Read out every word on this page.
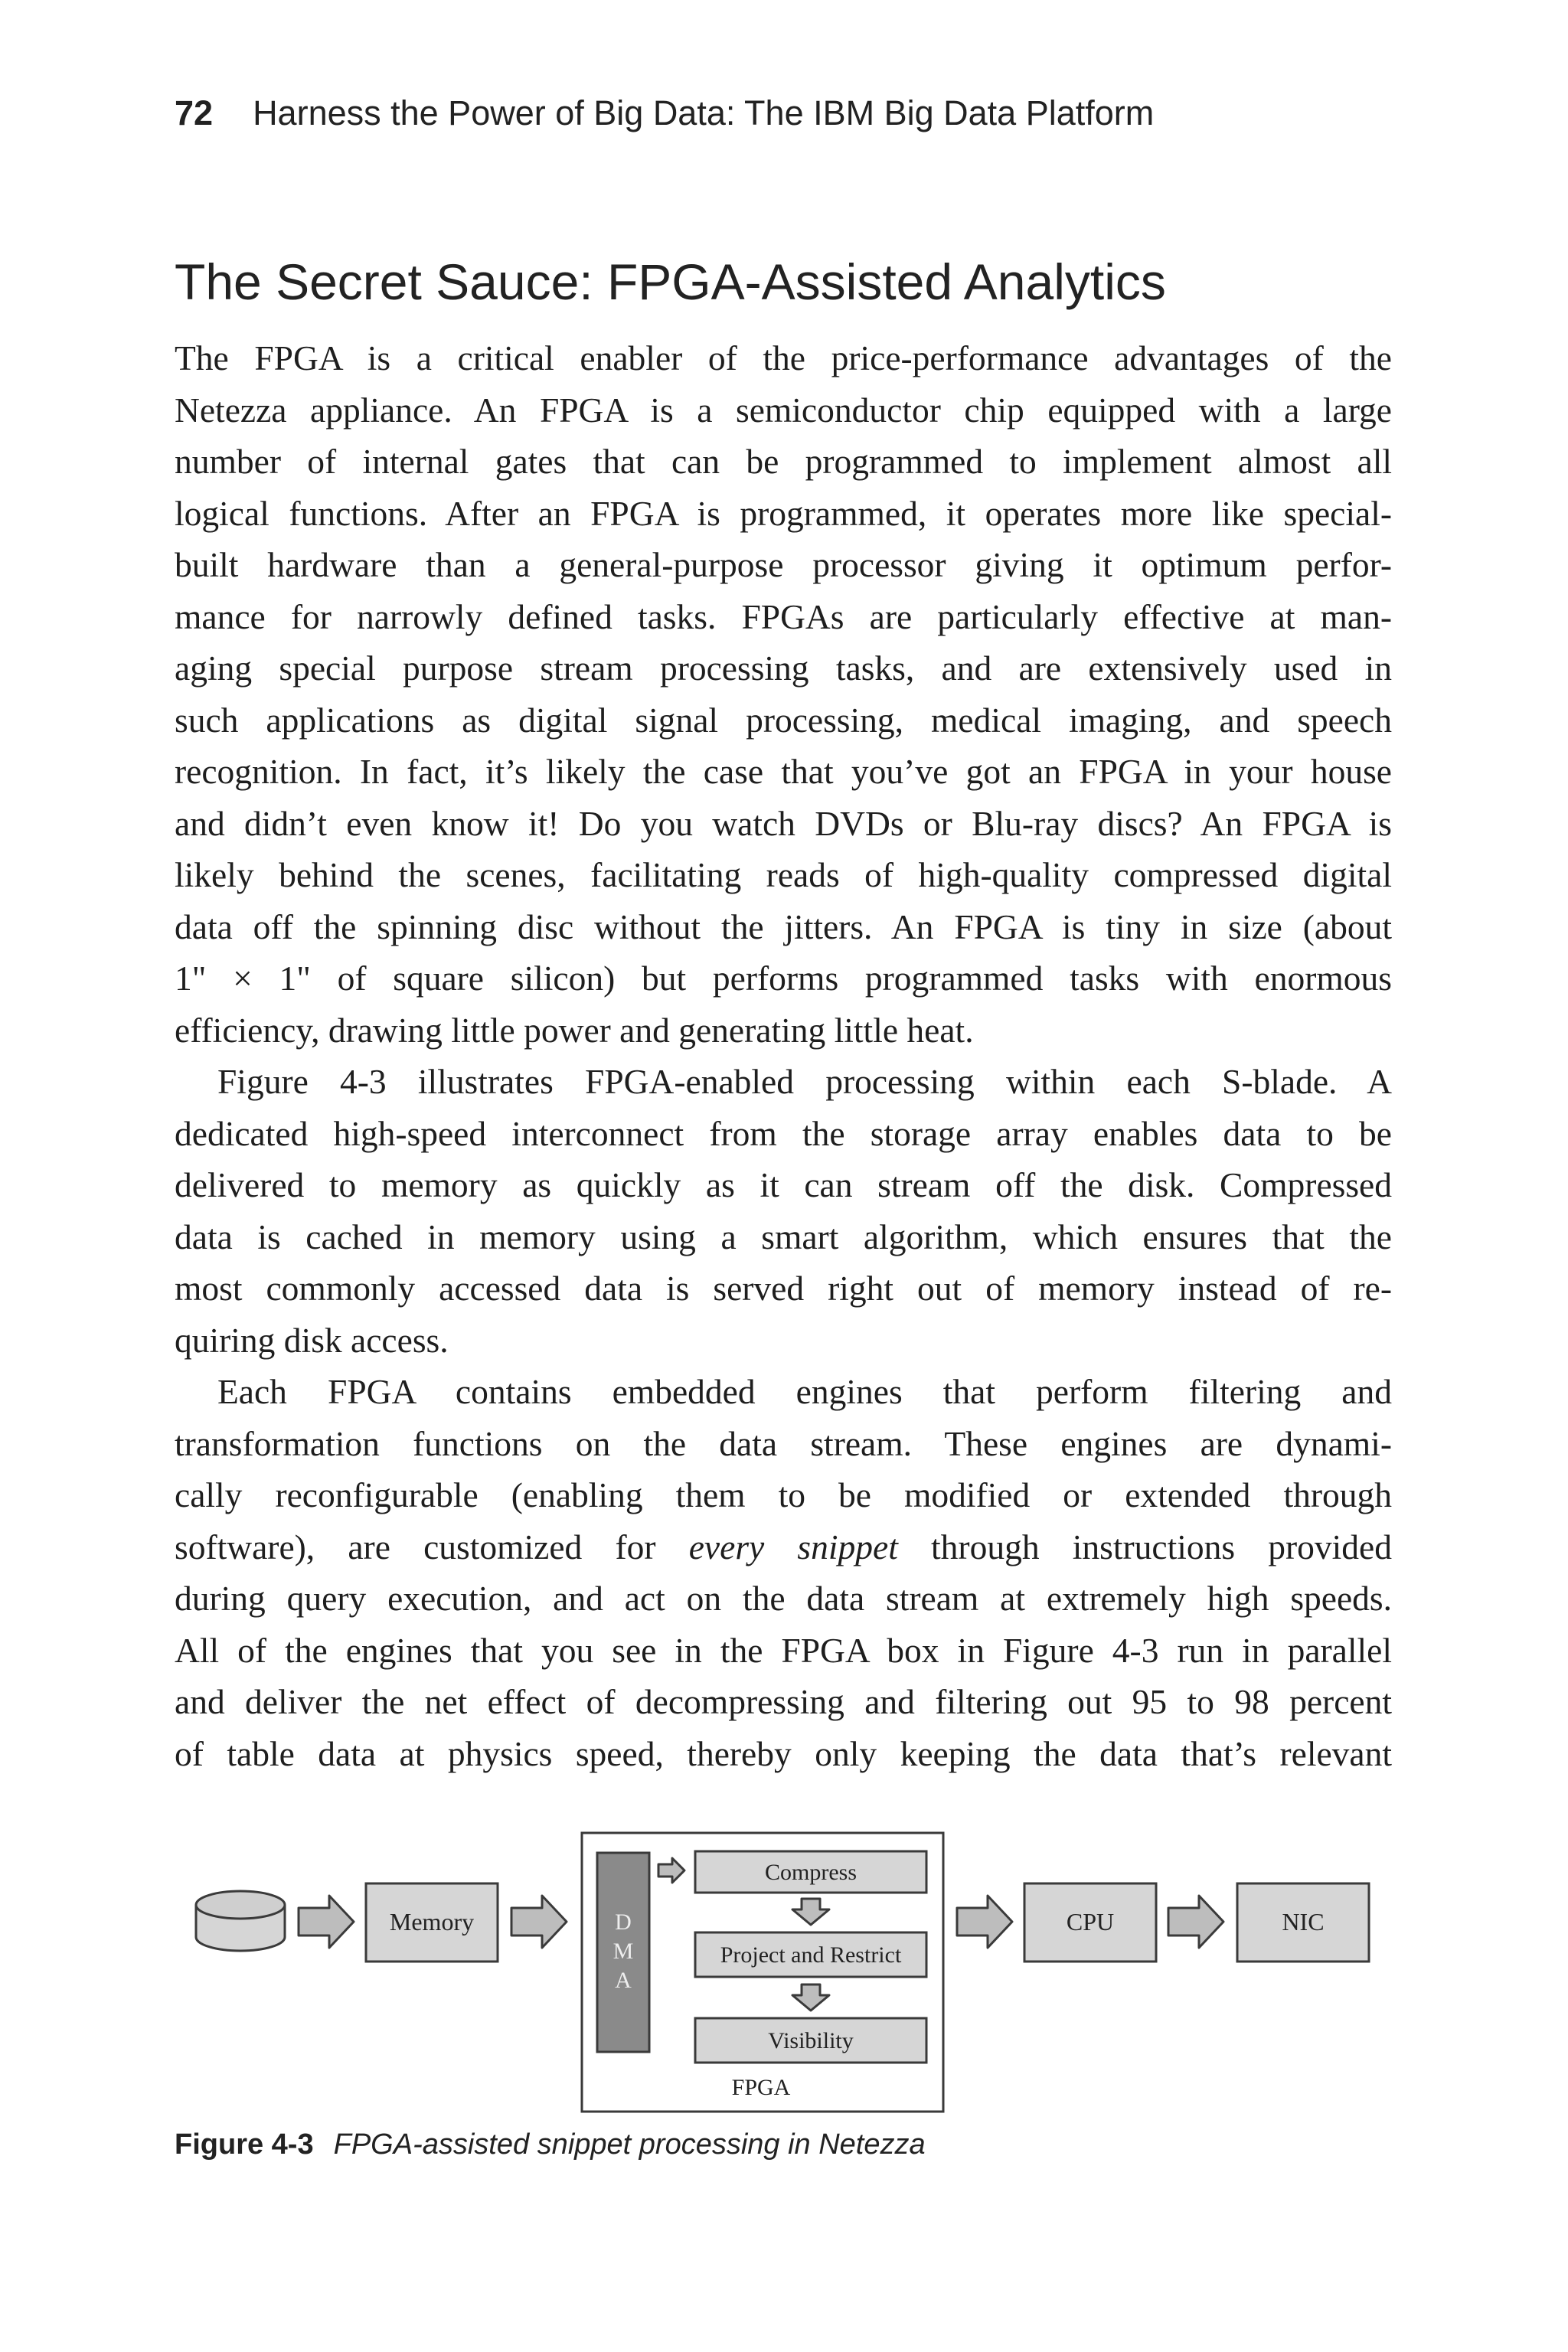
72 Harness the Power of Big Data: The IBM Big Data Platform
The Secret Sauce: FPGA-Assisted Analytics

The FPGA is a critical enabler of the price-performance advantages of the
Netezza appliance. An FPGA is a semiconductor chip equipped with a large
number of internal gates that can be programmed to implement almost all
logical functions. After an FPGA is programmed, it operates more like special-
built hardware than a general-purpose processor giving it optimum perfor-
mance for narrowly defined tasks. FPGAs are particularly effective at man-
aging special purpose stream processing tasks, and are extensively used in
such applications as digital signal processing, medical imaging, and speech
recognition. In fact, it’s likely the case that you’ve got an FPGA in your house
and didn’t even know it! Do you watch DVDs or Blu-ray discs? An FPGA is
likely behind the scenes, facilitating reads of high-quality compressed digital
data off the spinning disc without the jitters. An FPGA is tiny in size (about
1" × 1" of square silicon) but performs programmed tasks with enormous
efficiency, drawing little power and generating little heat.

Figure 4-3 illustrates FPGA-enabled processing within each S-blade. A
dedicated high-speed interconnect from the storage array enables data to be
delivered to memory as quickly as it can stream off the disk. Compressed
data is cached in memory using a smart algorithm, which ensures that the
most commonly accessed data is served right out of memory instead of re-
quiring disk access.

Each FPGA contains embedded engines that perform filtering and
transformation functions on the data stream. These engines are dynami-
cally reconfigurable (enabling them to be modified or extended through
software), are customized for every snippet through instructions provided
during query execution, and act on the data stream at extremely high speeds.
All of the engines that you see in the FPGA box in Figure 4-3 run in parallel
and deliver the net effect of decompressing and filtering out 95 to 98 percent
of table data at physics speed, thereby only keeping the data that’s relevant

Memory
FPGA
D
M
A
Compress
Project and Restrict
Visibility
CPU	NIC
Figure 4-3 FPGA-assisted snippet processing in Netezza
